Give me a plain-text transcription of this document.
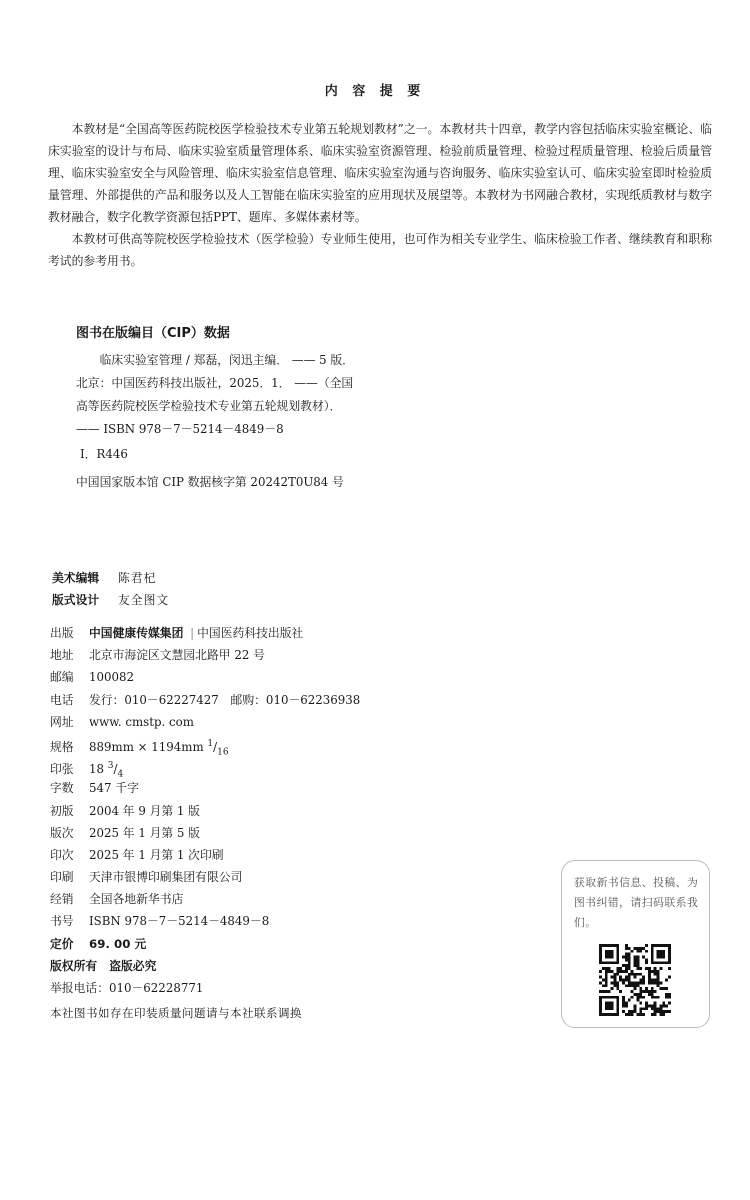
内 容 提 要

本教材是“全国高等医药院校医学检验技术专业第五轮规划教材”之一。本教材共十四章，教学内容包括临床实验室概论、临床实验室的设计与布局、临床实验室质量管理体系、临床实验室资源管理、检验前质量管理、检验过程质量管理、检验后质量管理、临床实验室安全与风险管理、临床实验室信息管理、临床实验室沟通与咨询服务、临床实验室认可、临床实验室即时检验质量管理、外部提供的产品和服务以及人工智能在临床实验室的应用现状及展望等。本教材为书网融合教材，实现纸质教材与数字教材融合，数字化教学资源包括PPT、题库、多媒体素材等。

本教材可供高等院校医学检验技术（医学检验）专业师生使用，也可作为相关专业学生、临床检验工作者、继续教育和职称考试的参考用书。

图书在版编目（CIP）数据
临床实验室管理 / 郑磊，闵迅主编． —— 5 版．
北京：中国医药科技出版社，2025．1． ——（全国高等医药院校医学检验技术专业第五轮规划教材）． —— ISBN 978－7－5214－4849－8
Ⅰ．R446
中国国家版本馆 CIP 数据核字第 20242T0U84 号
美术编辑 陈君杞
版式设计 友全图文
出版 中国健康传媒集团 | 中国医药科技出版社
地址 北京市海淀区文慧园北路甲 22 号
邮编 100082
电话 发行：010－62227427　邮购：010－62236938
网址 www. cmstp. com
规格 889mm × 1194mm $^1/_{16}$
印张 18 $^3/_4$
字数 547 千字
初版 2004 年 9 月第 1 版
版次 2025 年 1 月第 5 版
印次 2025 年 1 月第 1 次印刷
印刷 天津市银博印刷集团有限公司
经销 全国各地新华书店
书号 ISBN 978－7－5214－4849－8
定价 69. 00 元
版权所有 盗版必究
举报电话：010－62228771
本社图书如存在印装质量问题请与本社联系调换
获取新书信息、投稿、为图书纠错，请扫码联系我们。
